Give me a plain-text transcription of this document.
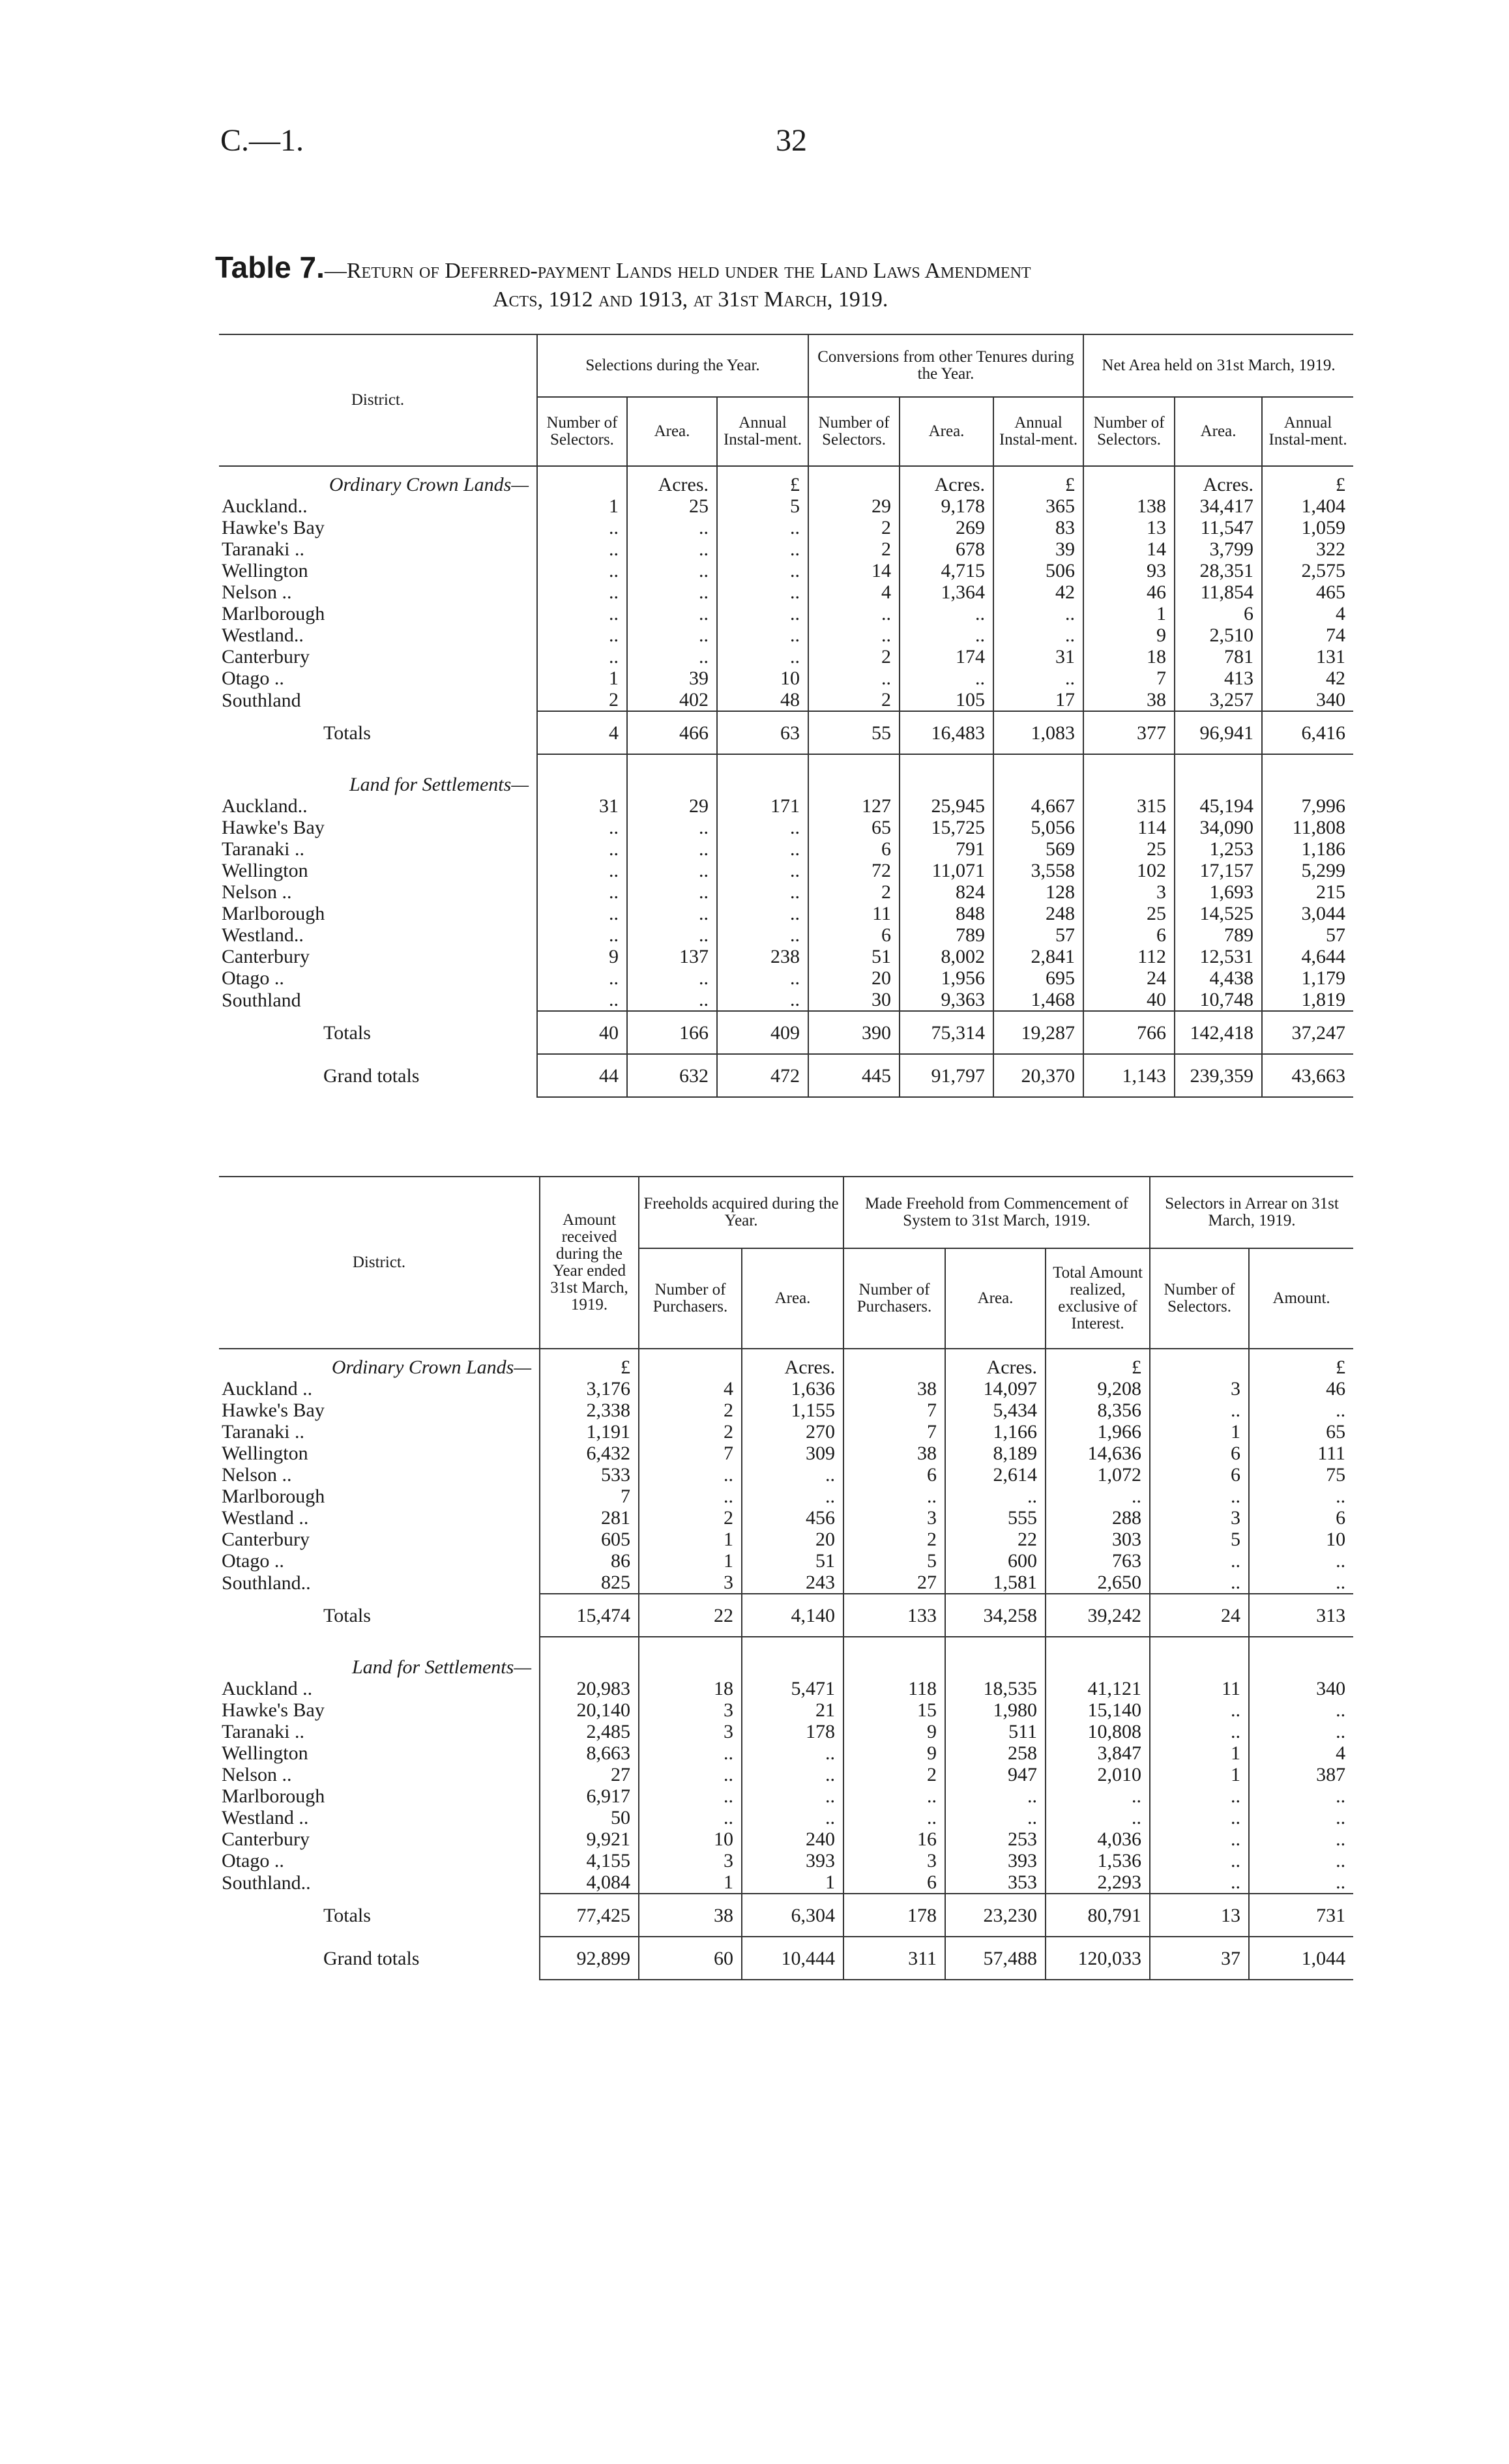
C.—1.	32
Table 7.—Return of Deferred-payment Lands held under the Land Laws Amendment
Acts, 1912 and 1913, at 31st March, 1919.
District.	Selections during the Year.			Conversions from other Tenures during the Year.			Net Area held on 31st March, 1919.		
	Number of Selectors.	Area.	Annual Instal-ment.	Number of Selectors.	Area.	Annual Instal-ment.	Number of Selectors.	Area.	Annual Instal-ment.
Ordinary Crown Lands—		Acres.	£		Acres.	£		Acres.	£
Auckland..	1	25	5	29	9,178	365	138	34,417	1,404
Hawke's Bay	..	..	..	2	269	83	13	11,547	1,059
Taranaki ..	..	..	..	2	678	39	14	3,799	322
Wellington	..	..	..	14	4,715	506	93	28,351	2,575
Nelson ..	..	..	..	4	1,364	42	46	11,854	465
Marlborough	..	..	..	..	..	..	1	6	4
Westland..	..	..	..	..	..	..	9	2,510	74
Canterbury	..	..	..	2	174	31	18	781	131
Otago ..	1	39	10	..	..	..	7	413	42
Southland	2	402	48	2	105	17	38	3,257	340
Totals	4	466	63	55	16,483	1,083	377	96,941	6,416

Land for Settlements—									
Auckland..	31	29	171	127	25,945	4,667	315	45,194	7,996
Hawke's Bay	..	..	..	65	15,725	5,056	114	34,090	11,808
Taranaki ..	..	..	..	6	791	569	25	1,253	1,186
Wellington	..	..	..	72	11,071	3,558	102	17,157	5,299
Nelson ..	..	..	..	2	824	128	3	1,693	215
Marlborough	..	..	..	11	848	248	25	14,525	3,044
Westland..	..	..	..	6	789	57	6	789	57
Canterbury	9	137	238	51	8,002	2,841	112	12,531	4,644
Otago ..	..	..	..	20	1,956	695	24	4,438	1,179
Southland	..	..	..	30	9,363	1,468	40	10,748	1,819
Totals	40	166	409	390	75,314	19,287	766	142,418	37,247
Grand totals	44	632	472	445	91,797	20,370	1,143	239,359	43,663
District.	Amount received during the Year ended 31st March, 1919.	Freeholds acquired during the Year.		Made Freehold from Commencement of System to 31st March, 1919.			Selectors in Arrear on 31st March, 1919.	
		Number of Purchasers.	Area.	Number of Purchasers.	Area.	Total Amount realized, exclusive of Interest.	Number of Selectors.	Amount.
Ordinary Crown Lands—	£		Acres.		Acres.	£		£
Auckland ..	3,176	4	1,636	38	14,097	9,208	3	46
Hawke's Bay	2,338	2	1,155	7	5,434	8,356	..	..
Taranaki ..	1,191	2	270	7	1,166	1,966	1	65
Wellington	6,432	7	309	38	8,189	14,636	6	111
Nelson ..	533	..	..	6	2,614	1,072	6	75
Marlborough	7	..	..	..	..	..	..	..
Westland ..	281	2	456	3	555	288	3	6
Canterbury	605	1	20	2	22	303	5	10
Otago ..	86	1	51	5	600	763	..	..
Southland..	825	3	243	27	1,581	2,650	..	..
Totals	15,474	22	4,140	133	34,258	39,242	24	313

Land for Settlements—								
Auckland ..	20,983	18	5,471	118	18,535	41,121	11	340
Hawke's Bay	20,140	3	21	15	1,980	15,140	..	..
Taranaki ..	2,485	3	178	9	511	10,808	..	..
Wellington	8,663	..	..	9	258	3,847	1	4
Nelson ..	27	..	..	2	947	2,010	1	387
Marlborough	6,917	..	..	..	..	..	..	..
Westland ..	50	..	..	..	..	..	..	..
Canterbury	9,921	10	240	16	253	4,036	..	..
Otago ..	4,155	3	393	3	393	1,536	..	..
Southland..	4,084	1	1	6	353	2,293	..	..
Totals	77,425	38	6,304	178	23,230	80,791	13	731
Grand totals	92,899	60	10,444	311	57,488	120,033	37	1,044
